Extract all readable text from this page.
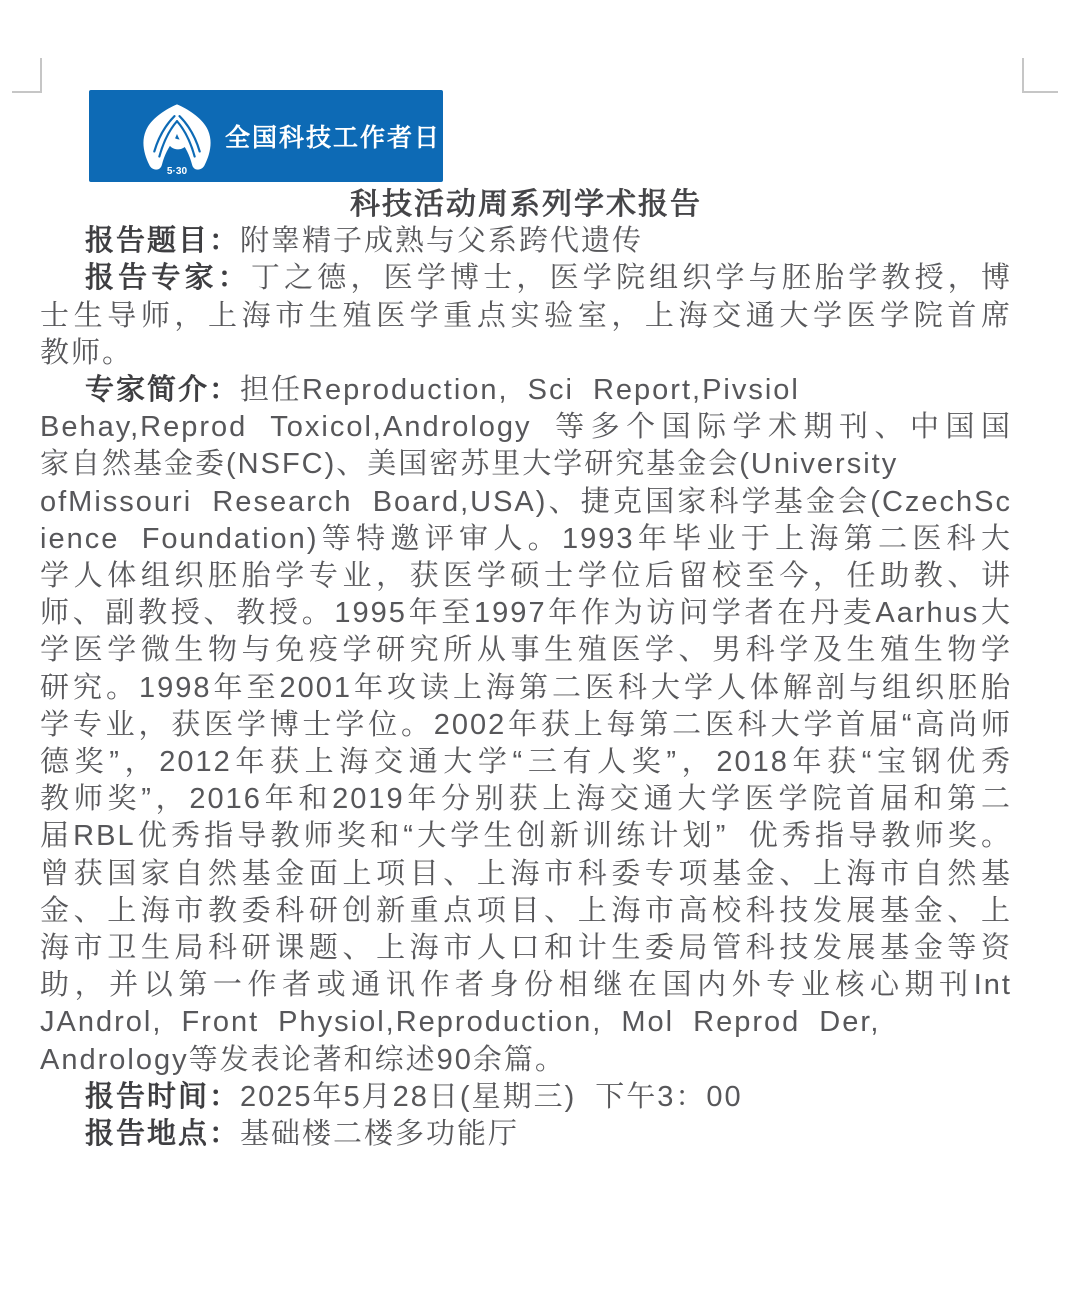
5·30
全国科技工作者日
科技活动周系列学术报告
报告题目：附睾精子成熟与父系跨代遗传
报告专家：丁之德，医学博士，医学院组织学与胚胎学教授，博
士生导师，上海市生殖医学重点实验室，上海交通大学医学院首席
教师。
专家简介：担任Reproduction, Sci Report,Pivsiol
Behay,Reprod Toxicol,Andrology 等多个国际学术期刊、中国国
家自然基金委(NSFC)、美国密苏里大学研究基金会(University
ofMissouri Research Board,USA)、捷克国家科学基金会(CzechSc
ience Foundation)等特邀评审人。1993年毕业于上海第二医科大
学人体组织胚胎学专业，获医学硕士学位后留校至今，任助教、讲
师、副教授、教授。1995年至1997年作为访问学者在丹麦Aarhus大
学医学微生物与免疫学研究所从事生殖医学、男科学及生殖生物学
研究。1998年至2001年攻读上海第二医科大学人体解剖与组织胚胎
学专业，获医学博士学位。2002年获上每第二医科大学首届“高尚师
德奖”，2012年获上海交通大学“三有人奖”，2018年获“宝钢优秀
教师奖”，2016年和2019年分别获上海交通大学医学院首届和第二
届RBL优秀指导教师奖和“大学生创新训练计划” 优秀指导教师奖。
曾获国家自然基金面上项目、上海市科委专项基金、上海市自然基
金、上海市教委科研创新重点项目、上海市高校科技发展基金、上
海市卫生局科研课题、上海市人口和计生委局管科技发展基金等资
助，并以第一作者或通讯作者身份相继在国内外专业核心期刊Int
JAndrol, Front Physiol,Reproduction, Mol Reprod Der,
Andrology等发表论著和综述90余篇。
报告时间：2025年5月28日(星期三) 下午3：00
报告地点：基础楼二楼多功能厅
